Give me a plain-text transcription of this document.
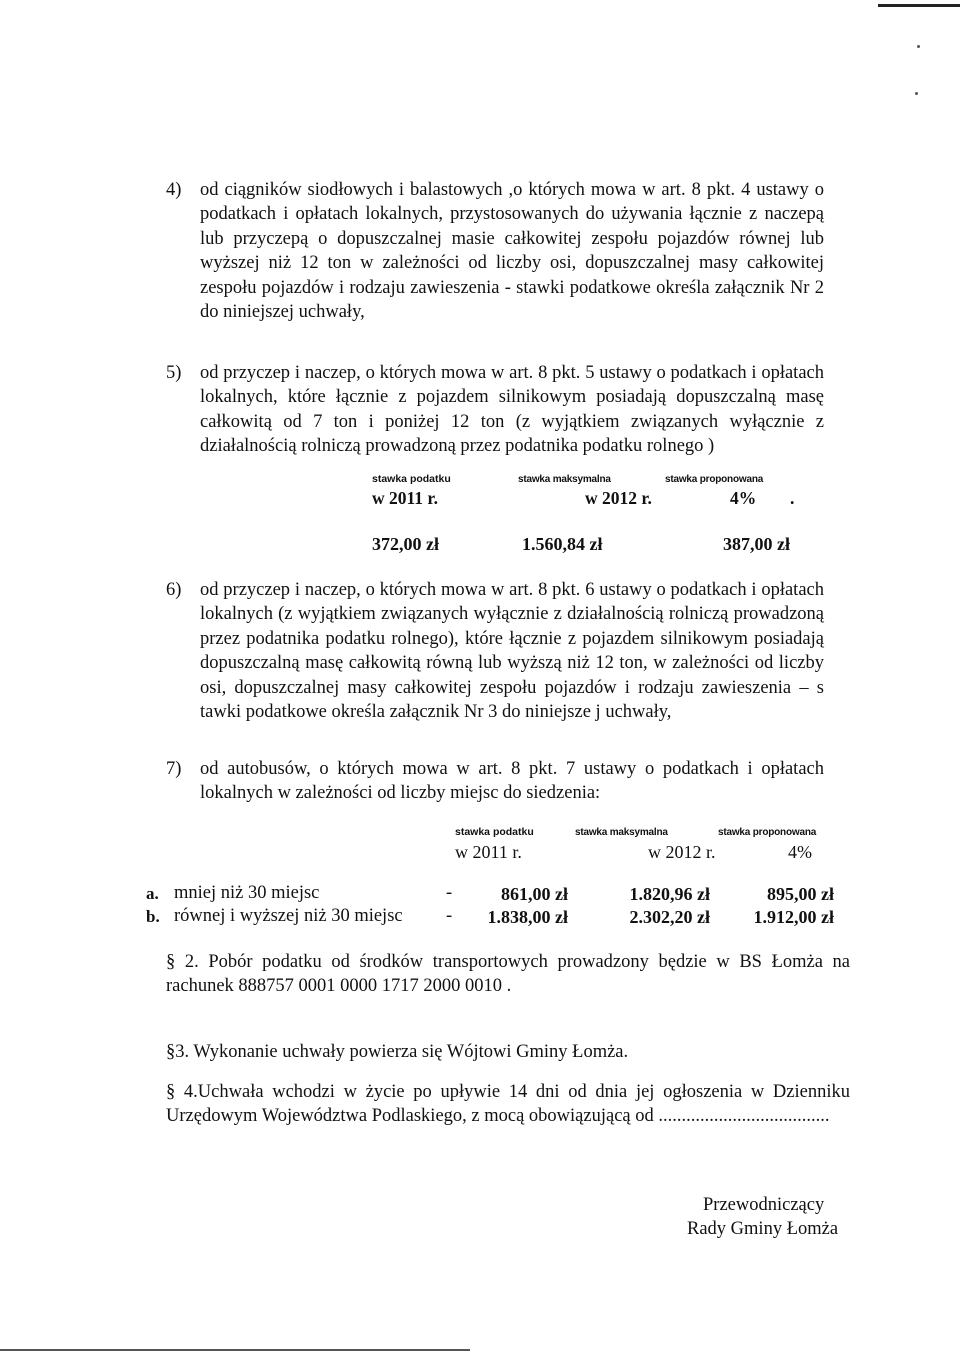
4) od ciągników siodłowych i balastowych ,o których mowa w art. 8 pkt. 4 ustawy o podatkach i opłatach lokalnych, przystosowanych do używania łącznie z naczepą lub przyczepą o dopuszczalnej masie całkowitej zespołu pojazdów równej lub wyższej niż 12 ton w zależności od liczby osi, dopuszczalnej masy całkowitej zespołu pojazdów i rodzaju zawieszenia - stawki podatkowe określa załącznik Nr 2 do niniejszej uchwały,

5) od przyczep i naczep, o których mowa w art. 8 pkt. 5 ustawy o podatkach i opłatach lokalnych, które łącznie z pojazdem silnikowym posiadają dopuszczalną masę całkowitą od 7 ton i poniżej 12 ton (z wyjątkiem związanych wyłącznie z działalnością rolniczą prowadzoną przez podatnika podatku rolnego )

stawka podatku	stawka maksymalna	stawka proponowana
w 2011 r.	w 2012 r.	4% .
372,00 zł	1.560,84 zł	387,00 zł

6) od przyczep i naczep, o których mowa w art. 8 pkt. 6 ustawy o podatkach i opłatach lokalnych (z wyjątkiem związanych wyłącznie z działalnością rolniczą prowadzoną przez podatnika podatku rolnego), które łącznie z pojazdem silnikowym posiadają dopuszczalną masę całkowitą równą lub wyższą niż 12 ton, w zależności od liczby osi, dopuszczalnej masy całkowitej zespołu pojazdów i rodzaju zawieszenia – s tawki podatkowe określa załącznik Nr 3 do niniejsze j uchwały,

7) od autobusów, o których mowa w art. 8 pkt. 7 ustawy o podatkach i opłatach lokalnych w zależności od liczby miejsc do siedzenia:

stawka podatku	stawka maksymalna	stawka proponowana
w 2011 r.	w 2012 r.	4%
a. mniej niż 30 miejsc	-	861,00 zł	1.820,96 zł	895,00 zł
b. równej i wyższej niż 30 miejsc -	1.838,00 zł	2.302,20 zł	1.912,00 zł

§ 2. Pobór podatku od środków transportowych prowadzony będzie w BS Łomża na rachunek 888757 0001 0000 1717 2000 0010 .

§3. Wykonanie uchwały powierza się Wójtowi Gminy Łomża.

§ 4.Uchwała wchodzi w życie po upływie 14 dni od dnia jej ogłoszenia w Dzienniku Urzędowym Województwa Podlaskiego, z mocą obowiązującą od .....................................

Przewodniczący
Rady Gminy Łomża
